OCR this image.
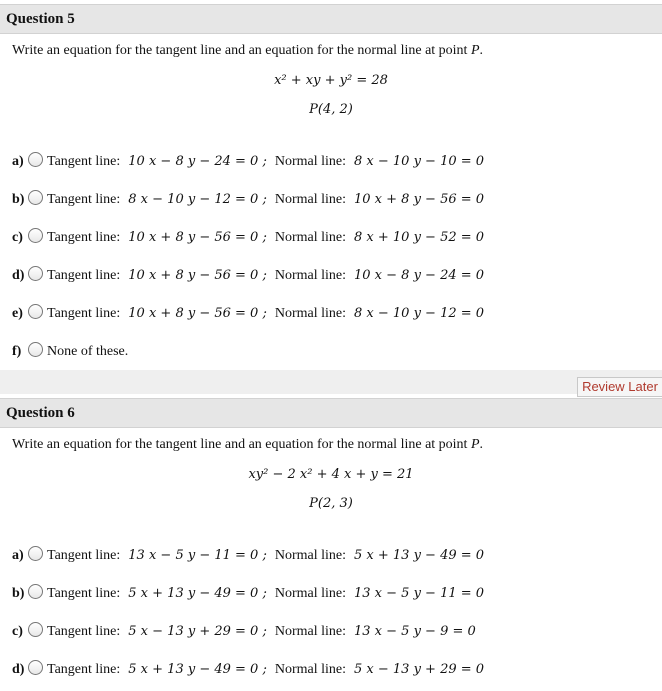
Question 5
Write an equation for the tangent line and an equation for the normal line at point P.
x² + xy + y² = 28
P(4, 2)
a) Tangent line: 10 x − 8 y − 24 = 0 ; Normal line: 8 x − 10 y − 10 = 0
b) Tangent line: 8 x − 10 y − 12 = 0 ; Normal line: 10 x + 8 y − 56 = 0
c) Tangent line: 10 x + 8 y − 56 = 0 ; Normal line: 8 x + 10 y − 52 = 0
d) Tangent line: 10 x + 8 y − 56 = 0 ; Normal line: 10 x − 8 y − 24 = 0
e) Tangent line: 10 x + 8 y − 56 = 0 ; Normal line: 8 x − 10 y − 12 = 0
f) None of these.
Review Later
Question 6
Write an equation for the tangent line and an equation for the normal line at point P.
xy² − 2 x² + 4 x + y = 21
P(2, 3)
a) Tangent line: 13 x − 5 y − 11 = 0 ; Normal line: 5 x + 13 y − 49 = 0
b) Tangent line: 5 x + 13 y − 49 = 0 ; Normal line: 13 x − 5 y − 11 = 0
c) Tangent line: 5 x − 13 y + 29 = 0 ; Normal line: 13 x − 5 y − 9 = 0
d) Tangent line: 5 x + 13 y − 49 = 0 ; Normal line: 5 x − 13 y + 29 = 0
